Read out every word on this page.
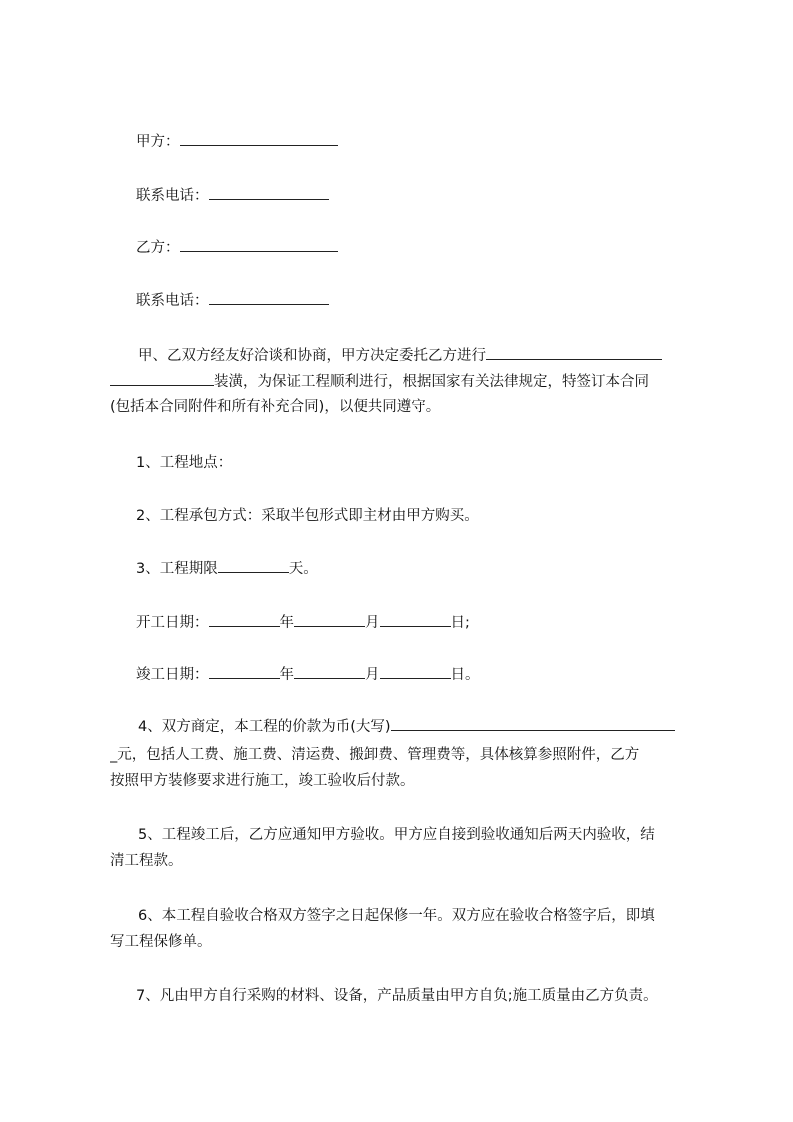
甲方：
联系电话：
乙方：
联系电话：
甲、乙双方经友好洽谈和协商，甲方决定委托乙方进行
装潢，为保证工程顺利进行，根据国家有关法律规定，特签订本合同
(包括本合同附件和所有补充合同)，以便共同遵守。
1、工程地点：
2、工程承包方式：采取半包形式即主材由甲方购买。
3、工程期限	天。
开工日期：	年	月	日;
竣工日期：	年	月	日。
4、双方商定，本工程的价款为币(大写)
_元，包括人工费、施工费、清运费、搬卸费、管理费等，具体核算参照附件，乙方
按照甲方装修要求进行施工，竣工验收后付款。
5、工程竣工后，乙方应通知甲方验收。甲方应自接到验收通知后两天内验收，结
清工程款。
6、本工程自验收合格双方签字之日起保修一年。双方应在验收合格签字后，即填
写工程保修单。
7、凡由甲方自行采购的材料、设备，产品质量由甲方自负;施工质量由乙方负责。
